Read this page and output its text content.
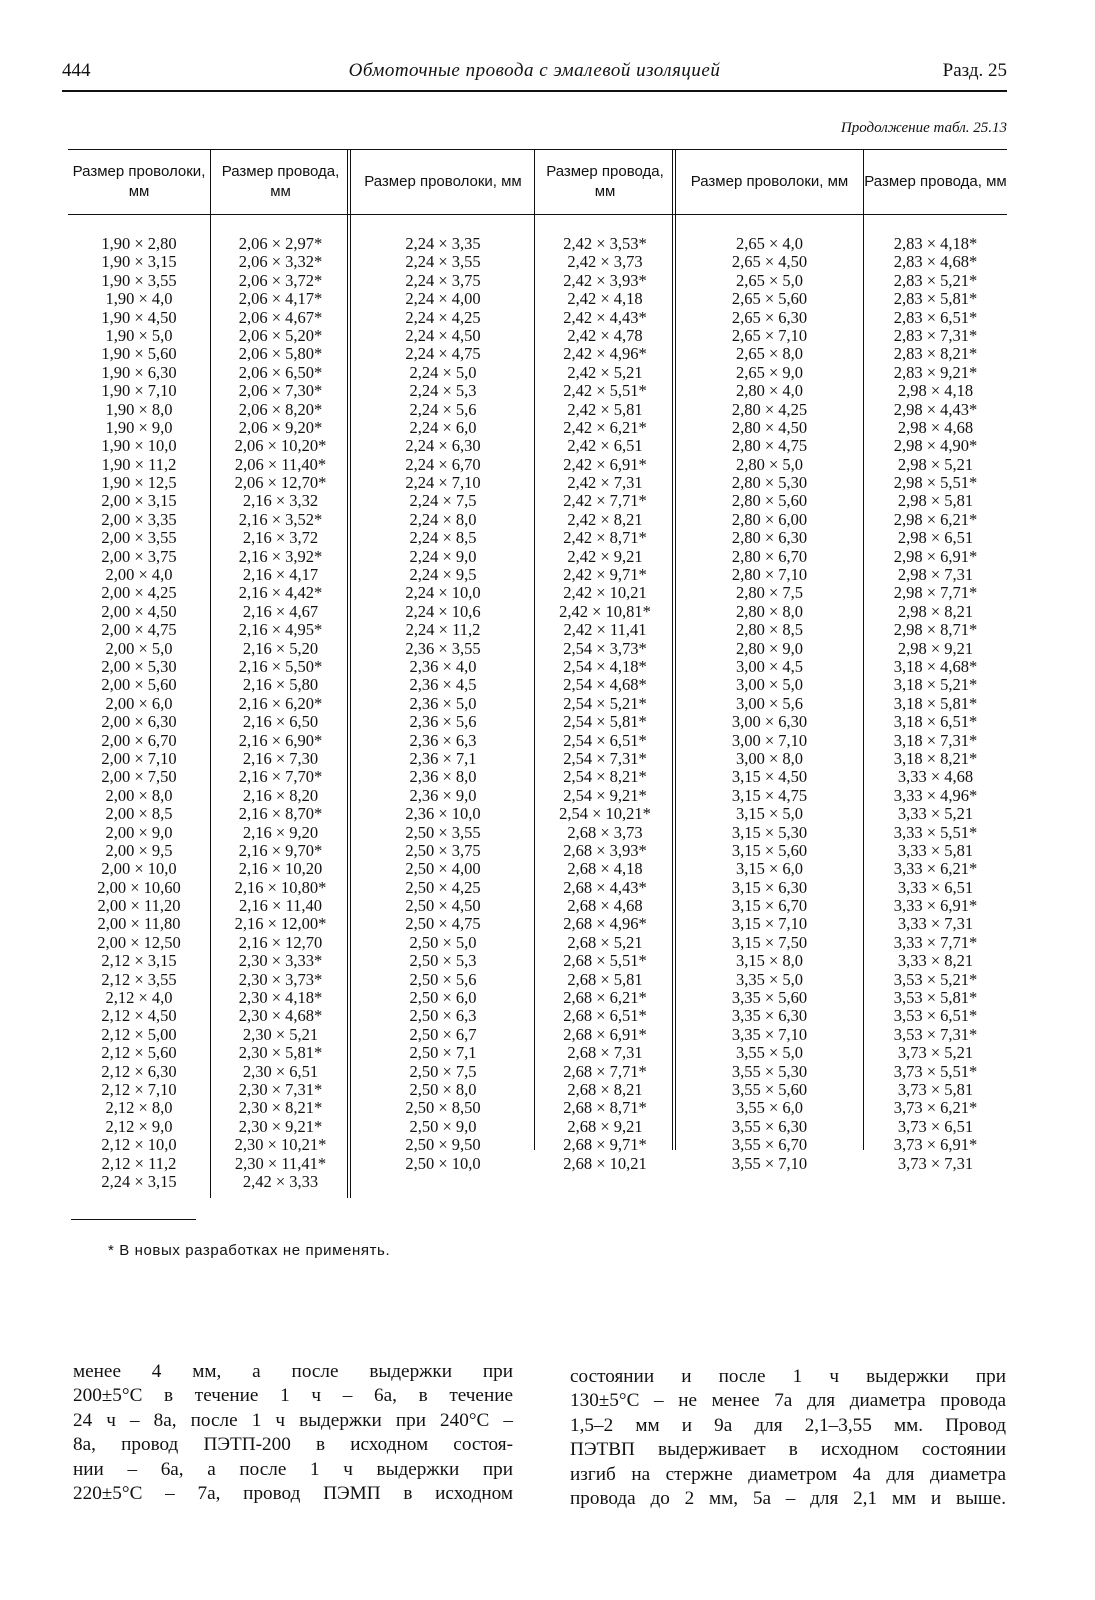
444	Обмоточные провода с эмалевой изоляцией	Разд. 25
Продолжение табл. 25.13
Размер проволоки, мм
1,90 × 2,80
1,90 × 3,15
1,90 × 3,55
1,90 × 4,0
1,90 × 4,50
1,90 × 5,0
1,90 × 5,60
1,90 × 6,30
1,90 × 7,10
1,90 × 8,0
1,90 × 9,0
1,90 × 10,0
1,90 × 11,2
1,90 × 12,5
2,00 × 3,15
2,00 × 3,35
2,00 × 3,55
2,00 × 3,75
2,00 × 4,0
2,00 × 4,25
2,00 × 4,50
2,00 × 4,75
2,00 × 5,0
2,00 × 5,30
2,00 × 5,60
2,00 × 6,0
2,00 × 6,30
2,00 × 6,70
2,00 × 7,10
2,00 × 7,50
2,00 × 8,0
2,00 × 8,5
2,00 × 9,0
2,00 × 9,5
2,00 × 10,0
2,00 × 10,60
2,00 × 11,20
2,00 × 11,80
2,00 × 12,50
2,12 × 3,15
2,12 × 3,55
2,12 × 4,0
2,12 × 4,50
2,12 × 5,00
2,12 × 5,60
2,12 × 6,30
2,12 × 7,10
2,12 × 8,0
2,12 × 9,0
2,12 × 10,0
2,12 × 11,2
2,24 × 3,15
Размер провода, мм
2,06 × 2,97*
2,06 × 3,32*
2,06 × 3,72*
2,06 × 4,17*
2,06 × 4,67*
2,06 × 5,20*
2,06 × 5,80*
2,06 × 6,50*
2,06 × 7,30*
2,06 × 8,20*
2,06 × 9,20*
2,06 × 10,20*
2,06 × 11,40*
2,06 × 12,70*
2,16 × 3,32
2,16 × 3,52*
2,16 × 3,72
2,16 × 3,92*
2,16 × 4,17
2,16 × 4,42*
2,16 × 4,67
2,16 × 4,95*
2,16 × 5,20
2,16 × 5,50*
2,16 × 5,80
2,16 × 6,20*
2,16 × 6,50
2,16 × 6,90*
2,16 × 7,30
2,16 × 7,70*
2,16 × 8,20
2,16 × 8,70*
2,16 × 9,20
2,16 × 9,70*
2,16 × 10,20
2,16 × 10,80*
2,16 × 11,40
2,16 × 12,00*
2,16 × 12,70
2,30 × 3,33*
2,30 × 3,73*
2,30 × 4,18*
2,30 × 4,68*
2,30 × 5,21
2,30 × 5,81*
2,30 × 6,51
2,30 × 7,31*
2,30 × 8,21*
2,30 × 9,21*
2,30 × 10,21*
2,30 × 11,41*
2,42 × 3,33
Размер проволоки, мм
2,24 × 3,35
2,24 × 3,55
2,24 × 3,75
2,24 × 4,00
2,24 × 4,25
2,24 × 4,50
2,24 × 4,75
2,24 × 5,0
2,24 × 5,3
2,24 × 5,6
2,24 × 6,0
2,24 × 6,30
2,24 × 6,70
2,24 × 7,10
2,24 × 7,5
2,24 × 8,0
2,24 × 8,5
2,24 × 9,0
2,24 × 9,5
2,24 × 10,0
2,24 × 10,6
2,24 × 11,2
2,36 × 3,55
2,36 × 4,0
2,36 × 4,5
2,36 × 5,0
2,36 × 5,6
2,36 × 6,3
2,36 × 7,1
2,36 × 8,0
2,36 × 9,0
2,36 × 10,0
2,50 × 3,55
2,50 × 3,75
2,50 × 4,00
2,50 × 4,25
2,50 × 4,50
2,50 × 4,75
2,50 × 5,0
2,50 × 5,3
2,50 × 5,6
2,50 × 6,0
2,50 × 6,3
2,50 × 6,7
2,50 × 7,1
2,50 × 7,5
2,50 × 8,0
2,50 × 8,50
2,50 × 9,0
2,50 × 9,50
2,50 × 10,0
Размер провода, мм
2,42 × 3,53*
2,42 × 3,73
2,42 × 3,93*
2,42 × 4,18
2,42 × 4,43*
2,42 × 4,78
2,42 × 4,96*
2,42 × 5,21
2,42 × 5,51*
2,42 × 5,81
2,42 × 6,21*
2,42 × 6,51
2,42 × 6,91*
2,42 × 7,31
2,42 × 7,71*
2,42 × 8,21
2,42 × 8,71*
2,42 × 9,21
2,42 × 9,71*
2,42 × 10,21
2,42 × 10,81*
2,42 × 11,41
2,54 × 3,73*
2,54 × 4,18*
2,54 × 4,68*
2,54 × 5,21*
2,54 × 5,81*
2,54 × 6,51*
2,54 × 7,31*
2,54 × 8,21*
2,54 × 9,21*
2,54 × 10,21*
2,68 × 3,73
2,68 × 3,93*
2,68 × 4,18
2,68 × 4,43*
2,68 × 4,68
2,68 × 4,96*
2,68 × 5,21
2,68 × 5,51*
2,68 × 5,81
2,68 × 6,21*
2,68 × 6,51*
2,68 × 6,91*
2,68 × 7,31
2,68 × 7,71*
2,68 × 8,21
2,68 × 8,71*
2,68 × 9,21
2,68 × 9,71*
2,68 × 10,21
Размер проволоки, мм
2,65 × 4,0
2,65 × 4,50
2,65 × 5,0
2,65 × 5,60
2,65 × 6,30
2,65 × 7,10
2,65 × 8,0
2,65 × 9,0
2,80 × 4,0
2,80 × 4,25
2,80 × 4,50
2,80 × 4,75
2,80 × 5,0
2,80 × 5,30
2,80 × 5,60
2,80 × 6,00
2,80 × 6,30
2,80 × 6,70
2,80 × 7,10
2,80 × 7,5
2,80 × 8,0
2,80 × 8,5
2,80 × 9,0
3,00 × 4,5
3,00 × 5,0
3,00 × 5,6
3,00 × 6,30
3,00 × 7,10
3,00 × 8,0
3,15 × 4,50
3,15 × 4,75
3,15 × 5,0
3,15 × 5,30
3,15 × 5,60
3,15 × 6,0
3,15 × 6,30
3,15 × 6,70
3,15 × 7,10
3,15 × 7,50
3,15 × 8,0
3,35 × 5,0
3,35 × 5,60
3,35 × 6,30
3,35 × 7,10
3,55 × 5,0
3,55 × 5,30
3,55 × 5,60
3,55 × 6,0
3,55 × 6,30
3,55 × 6,70
3,55 × 7,10
Размер провода, мм
2,83 × 4,18*
2,83 × 4,68*
2,83 × 5,21*
2,83 × 5,81*
2,83 × 6,51*
2,83 × 7,31*
2,83 × 8,21*
2,83 × 9,21*
2,98 × 4,18
2,98 × 4,43*
2,98 × 4,68
2,98 × 4,90*
2,98 × 5,21
2,98 × 5,51*
2,98 × 5,81
2,98 × 6,21*
2,98 × 6,51
2,98 × 6,91*
2,98 × 7,31
2,98 × 7,71*
2,98 × 8,21
2,98 × 8,71*
2,98 × 9,21
3,18 × 4,68*
3,18 × 5,21*
3,18 × 5,81*
3,18 × 6,51*
3,18 × 7,31*
3,18 × 8,21*
3,33 × 4,68
3,33 × 4,96*
3,33 × 5,21
3,33 × 5,51*
3,33 × 5,81
3,33 × 6,21*
3,33 × 6,51
3,33 × 6,91*
3,33 × 7,31
3,33 × 7,71*
3,33 × 8,21
3,53 × 5,21*
3,53 × 5,81*
3,53 × 6,51*
3,53 × 7,31*
3,73 × 5,21
3,73 × 5,51*
3,73 × 5,81
3,73 × 6,21*
3,73 × 6,51
3,73 × 6,91*
3,73 × 7,31
* В новых разработках не применять.
менее 4 мм, а после выдержки при
200±5°С в течение 1 ч – 6a, в течение
24 ч – 8a, после 1 ч выдержки при 240°С –
8a, провод ПЭТП-200 в исходном состоя-
нии – 6a, а после 1 ч выдержки при
220±5°С – 7a, провод ПЭМП в исходном
состоянии и после 1 ч выдержки при
130±5°С – не менее 7a для диаметра провода
1,5–2 мм и 9a для 2,1–3,55 мм. Провод
ПЭТВП выдерживает в исходном состоянии
изгиб на стержне диаметром 4a для диаметра
провода до 2 мм, 5a – для 2,1 мм и выше.
